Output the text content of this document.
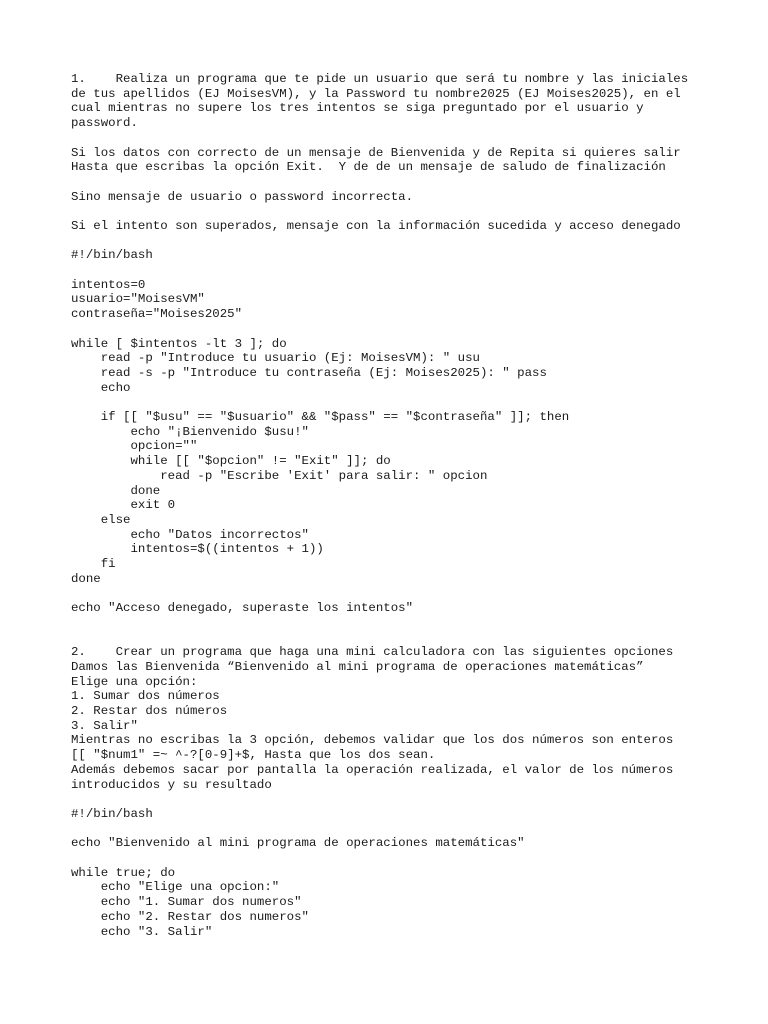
1.    Realiza un programa que te pide un usuario que será tu nombre y las iniciales
de tus apellidos (EJ MoisesVM), y la Password tu nombre2025 (EJ Moises2025), en el
cual mientras no supere los tres intentos se siga preguntado por el usuario y
password.
Si los datos con correcto de un mensaje de Bienvenida y de Repita si quieres salir
Hasta que escribas la opción Exit.  Y de de un mensaje de saludo de finalización
Sino mensaje de usuario o password incorrecta.
Si el intento son superados, mensaje con la información sucedida y acceso denegado
#!/bin/bash
intentos=0
usuario="MoisesVM"
contraseña="Moises2025"
while [ $intentos -lt 3 ]; do
read -p "Introduce tu usuario (Ej: MoisesVM): " usu
read -s -p "Introduce tu contraseña (Ej: Moises2025): " pass
echo
if [[ "$usu" == "$usuario" && "$pass" == "$contraseña" ]]; then
echo "¡Bienvenido $usu!"
opcion=""
while [[ "$opcion" != "Exit" ]]; do
read -p "Escribe 'Exit' para salir: " opcion
done
exit 0
else
echo "Datos incorrectos"
intentos=$((intentos + 1))
fi
done
echo "Acceso denegado, superaste los intentos"
2.    Crear un programa que haga una mini calculadora con las siguientes opciones
Damos las Bienvenida “Bienvenido al mini programa de operaciones matemáticas”
Elige una opción:
1. Sumar dos números
2. Restar dos números
3. Salir"
Mientras no escribas la 3 opción, debemos validar que los dos números son enteros
[[ "$num1" =~ ^-?[0-9]+$, Hasta que los dos sean.
Además debemos sacar por pantalla la operación realizada, el valor de los números
introducidos y su resultado
#!/bin/bash
echo "Bienvenido al mini programa de operaciones matemáticas"
while true; do
echo "Elige una opcion:"
echo "1. Sumar dos numeros"
echo "2. Restar dos numeros"
echo "3. Salir"
